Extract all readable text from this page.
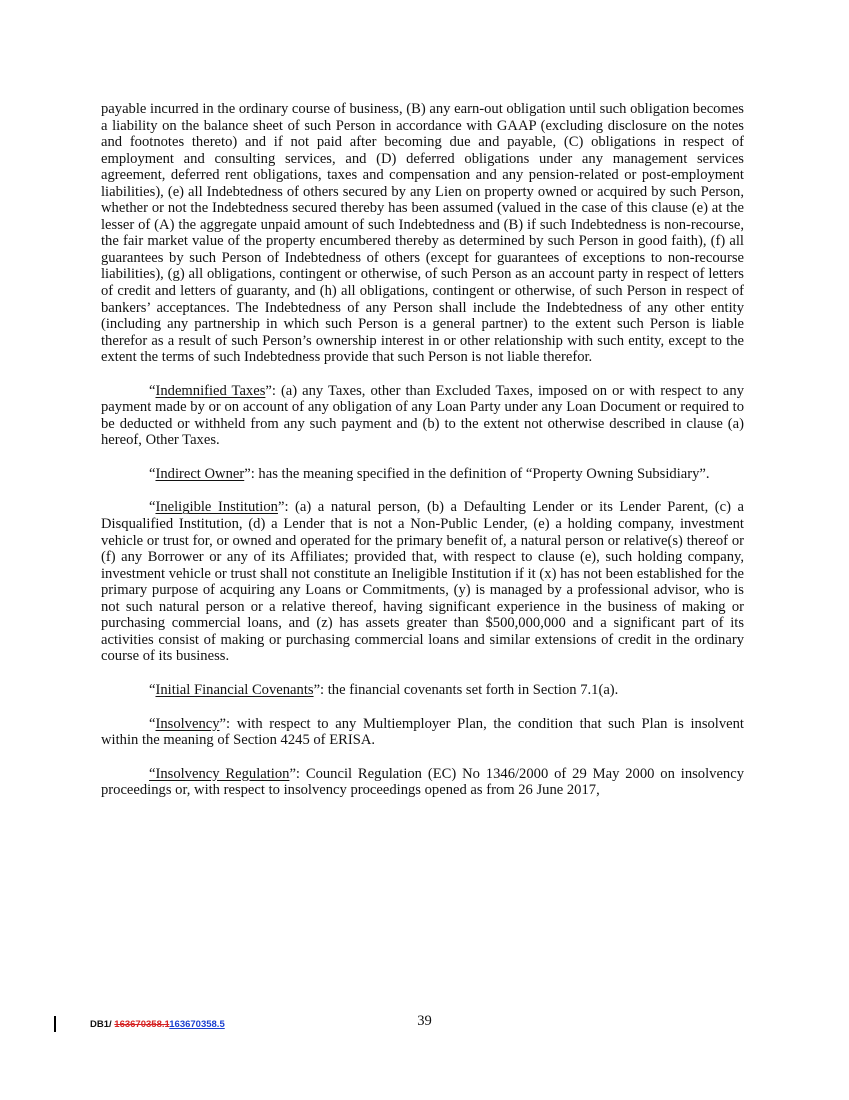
payable incurred in the ordinary course of business, (B) any earn-out obligation until such obligation becomes a liability on the balance sheet of such Person in accordance with GAAP (excluding disclosure on the notes and footnotes thereto) and if not paid after becoming due and payable, (C) obligations in respect of employment and consulting services, and (D) deferred obligations under any management services agreement, deferred rent obligations, taxes and compensation and any pension-related or post-employment liabilities), (e) all Indebtedness of others secured by any Lien on property owned or acquired by such Person, whether or not the Indebtedness secured thereby has been assumed (valued in the case of this clause (e) at the lesser of (A) the aggregate unpaid amount of such Indebtedness and (B) if such Indebtedness is non-recourse, the fair market value of the property encumbered thereby as determined by such Person in good faith), (f) all guarantees by such Person of Indebtedness of others (except for guarantees of exceptions to non-recourse liabilities), (g) all obligations, contingent or otherwise, of such Person as an account party in respect of letters of credit and letters of guaranty, and (h) all obligations, contingent or otherwise, of such Person in respect of bankers’ acceptances. The Indebtedness of any Person shall include the Indebtedness of any other entity (including any partnership in which such Person is a general partner) to the extent such Person is liable therefor as a result of such Person’s ownership interest in or other relationship with such entity, except to the extent the terms of such Indebtedness provide that such Person is not liable therefor.

“Indemnified Taxes”: (a) any Taxes, other than Excluded Taxes, imposed on or with respect to any payment made by or on account of any obligation of any Loan Party under any Loan Document or required to be deducted or withheld from any such payment and (b) to the extent not otherwise described in clause (a) hereof, Other Taxes.

“Indirect Owner”: has the meaning specified in the definition of “Property Owning Subsidiary”.

“Ineligible Institution”: (a) a natural person, (b) a Defaulting Lender or its Lender Parent, (c) a Disqualified Institution, (d) a Lender that is not a Non-Public Lender, (e) a holding company, investment vehicle or trust for, or owned and operated for the primary benefit of, a natural person or relative(s) thereof or (f) any Borrower or any of its Affiliates; provided that, with respect to clause (e), such holding company, investment vehicle or trust shall not constitute an Ineligible Institution if it (x) has not been established for the primary purpose of acquiring any Loans or Commitments, (y) is managed by a professional advisor, who is not such natural person or a relative thereof, having significant experience in the business of making or purchasing commercial loans, and (z) has assets greater than $500,000,000 and a significant part of its activities consist of making or purchasing commercial loans and similar extensions of credit in the ordinary course of its business.

“Initial Financial Covenants”: the financial covenants set forth in Section 7.1(a).

“Insolvency”: with respect to any Multiemployer Plan, the condition that such Plan is insolvent within the meaning of Section 4245 of ERISA.

“Insolvency Regulation”: Council Regulation (EC) No 1346/2000 of 29 May 2000 on insolvency proceedings or, with respect to insolvency proceedings opened as from 26 June 2017,

DB1/ 163670358.1163670358.5	39
